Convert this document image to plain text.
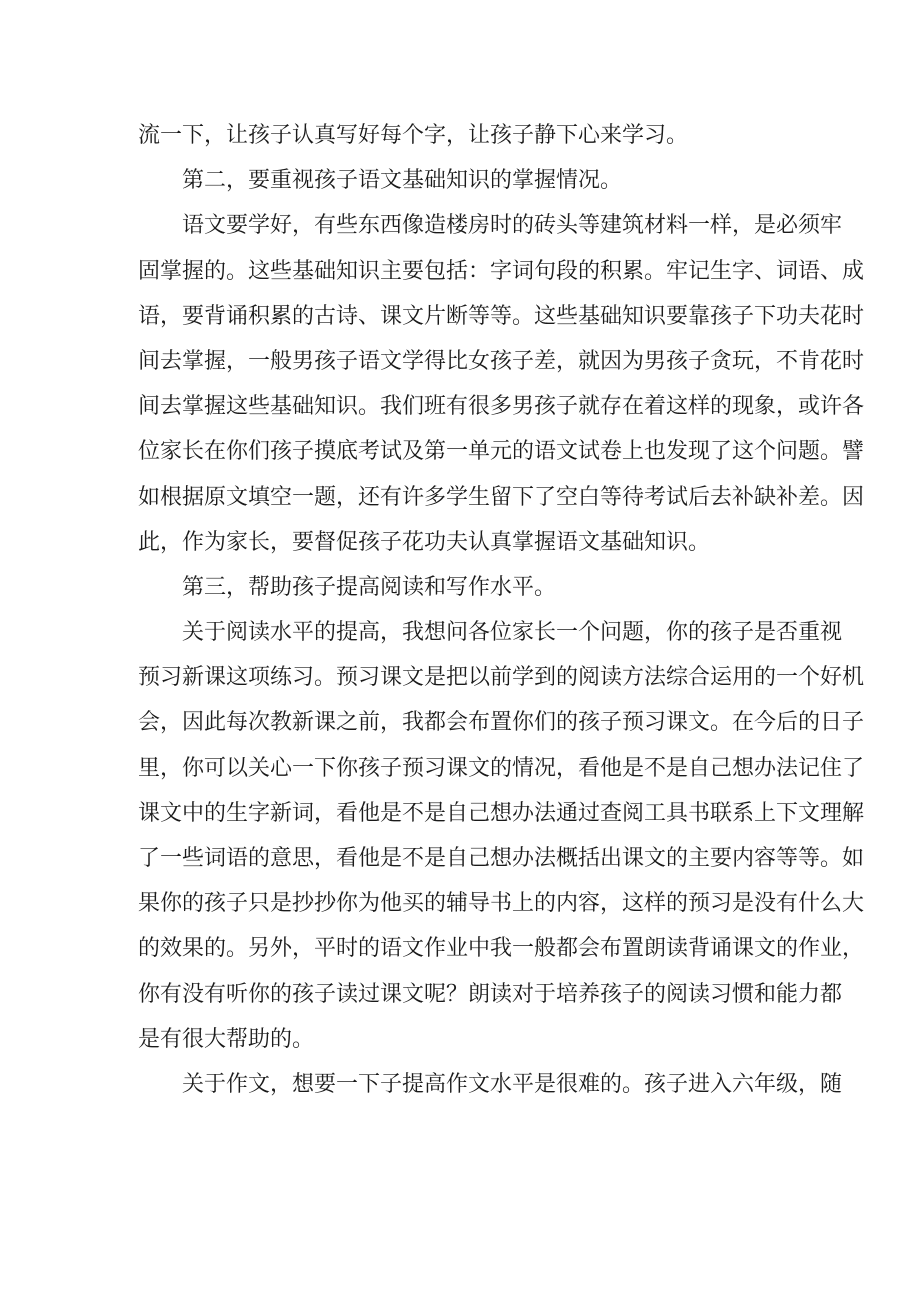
流一下，让孩子认真写好每个字，让孩子静下心来学习。
第二，要重视孩子语文基础知识的掌握情况。
语文要学好，有些东西像造楼房时的砖头等建筑材料一样，是必须牢
固掌握的。这些基础知识主要包括：字词句段的积累。牢记生字、词语、成
语，要背诵积累的古诗、课文片断等等。这些基础知识要靠孩子下功夫花时
间去掌握，一般男孩子语文学得比女孩子差，就因为男孩子贪玩，不肯花时
间去掌握这些基础知识。我们班有很多男孩子就存在着这样的现象，或许各
位家长在你们孩子摸底考试及第一单元的语文试卷上也发现了这个问题。譬
如根据原文填空一题，还有许多学生留下了空白等待考试后去补缺补差。因
此，作为家长，要督促孩子花功夫认真掌握语文基础知识。
第三，帮助孩子提高阅读和写作水平。
关于阅读水平的提高，我想问各位家长一个问题，你的孩子是否重视
预习新课这项练习。预习课文是把以前学到的阅读方法综合运用的一个好机
会，因此每次教新课之前，我都会布置你们的孩子预习课文。在今后的日子
里，你可以关心一下你孩子预习课文的情况，看他是不是自己想办法记住了
课文中的生字新词，看他是不是自己想办法通过查阅工具书联系上下文理解
了一些词语的意思，看他是不是自己想办法概括出课文的主要内容等等。如
果你的孩子只是抄抄你为他买的辅导书上的内容，这样的预习是没有什么大
的效果的。另外，平时的语文作业中我一般都会布置朗读背诵课文的作业，
你有没有听你的孩子读过课文呢？朗读对于培养孩子的阅读习惯和能力都
是有很大帮助的。
关于作文，想要一下子提高作文水平是很难的。孩子进入六年级，随
